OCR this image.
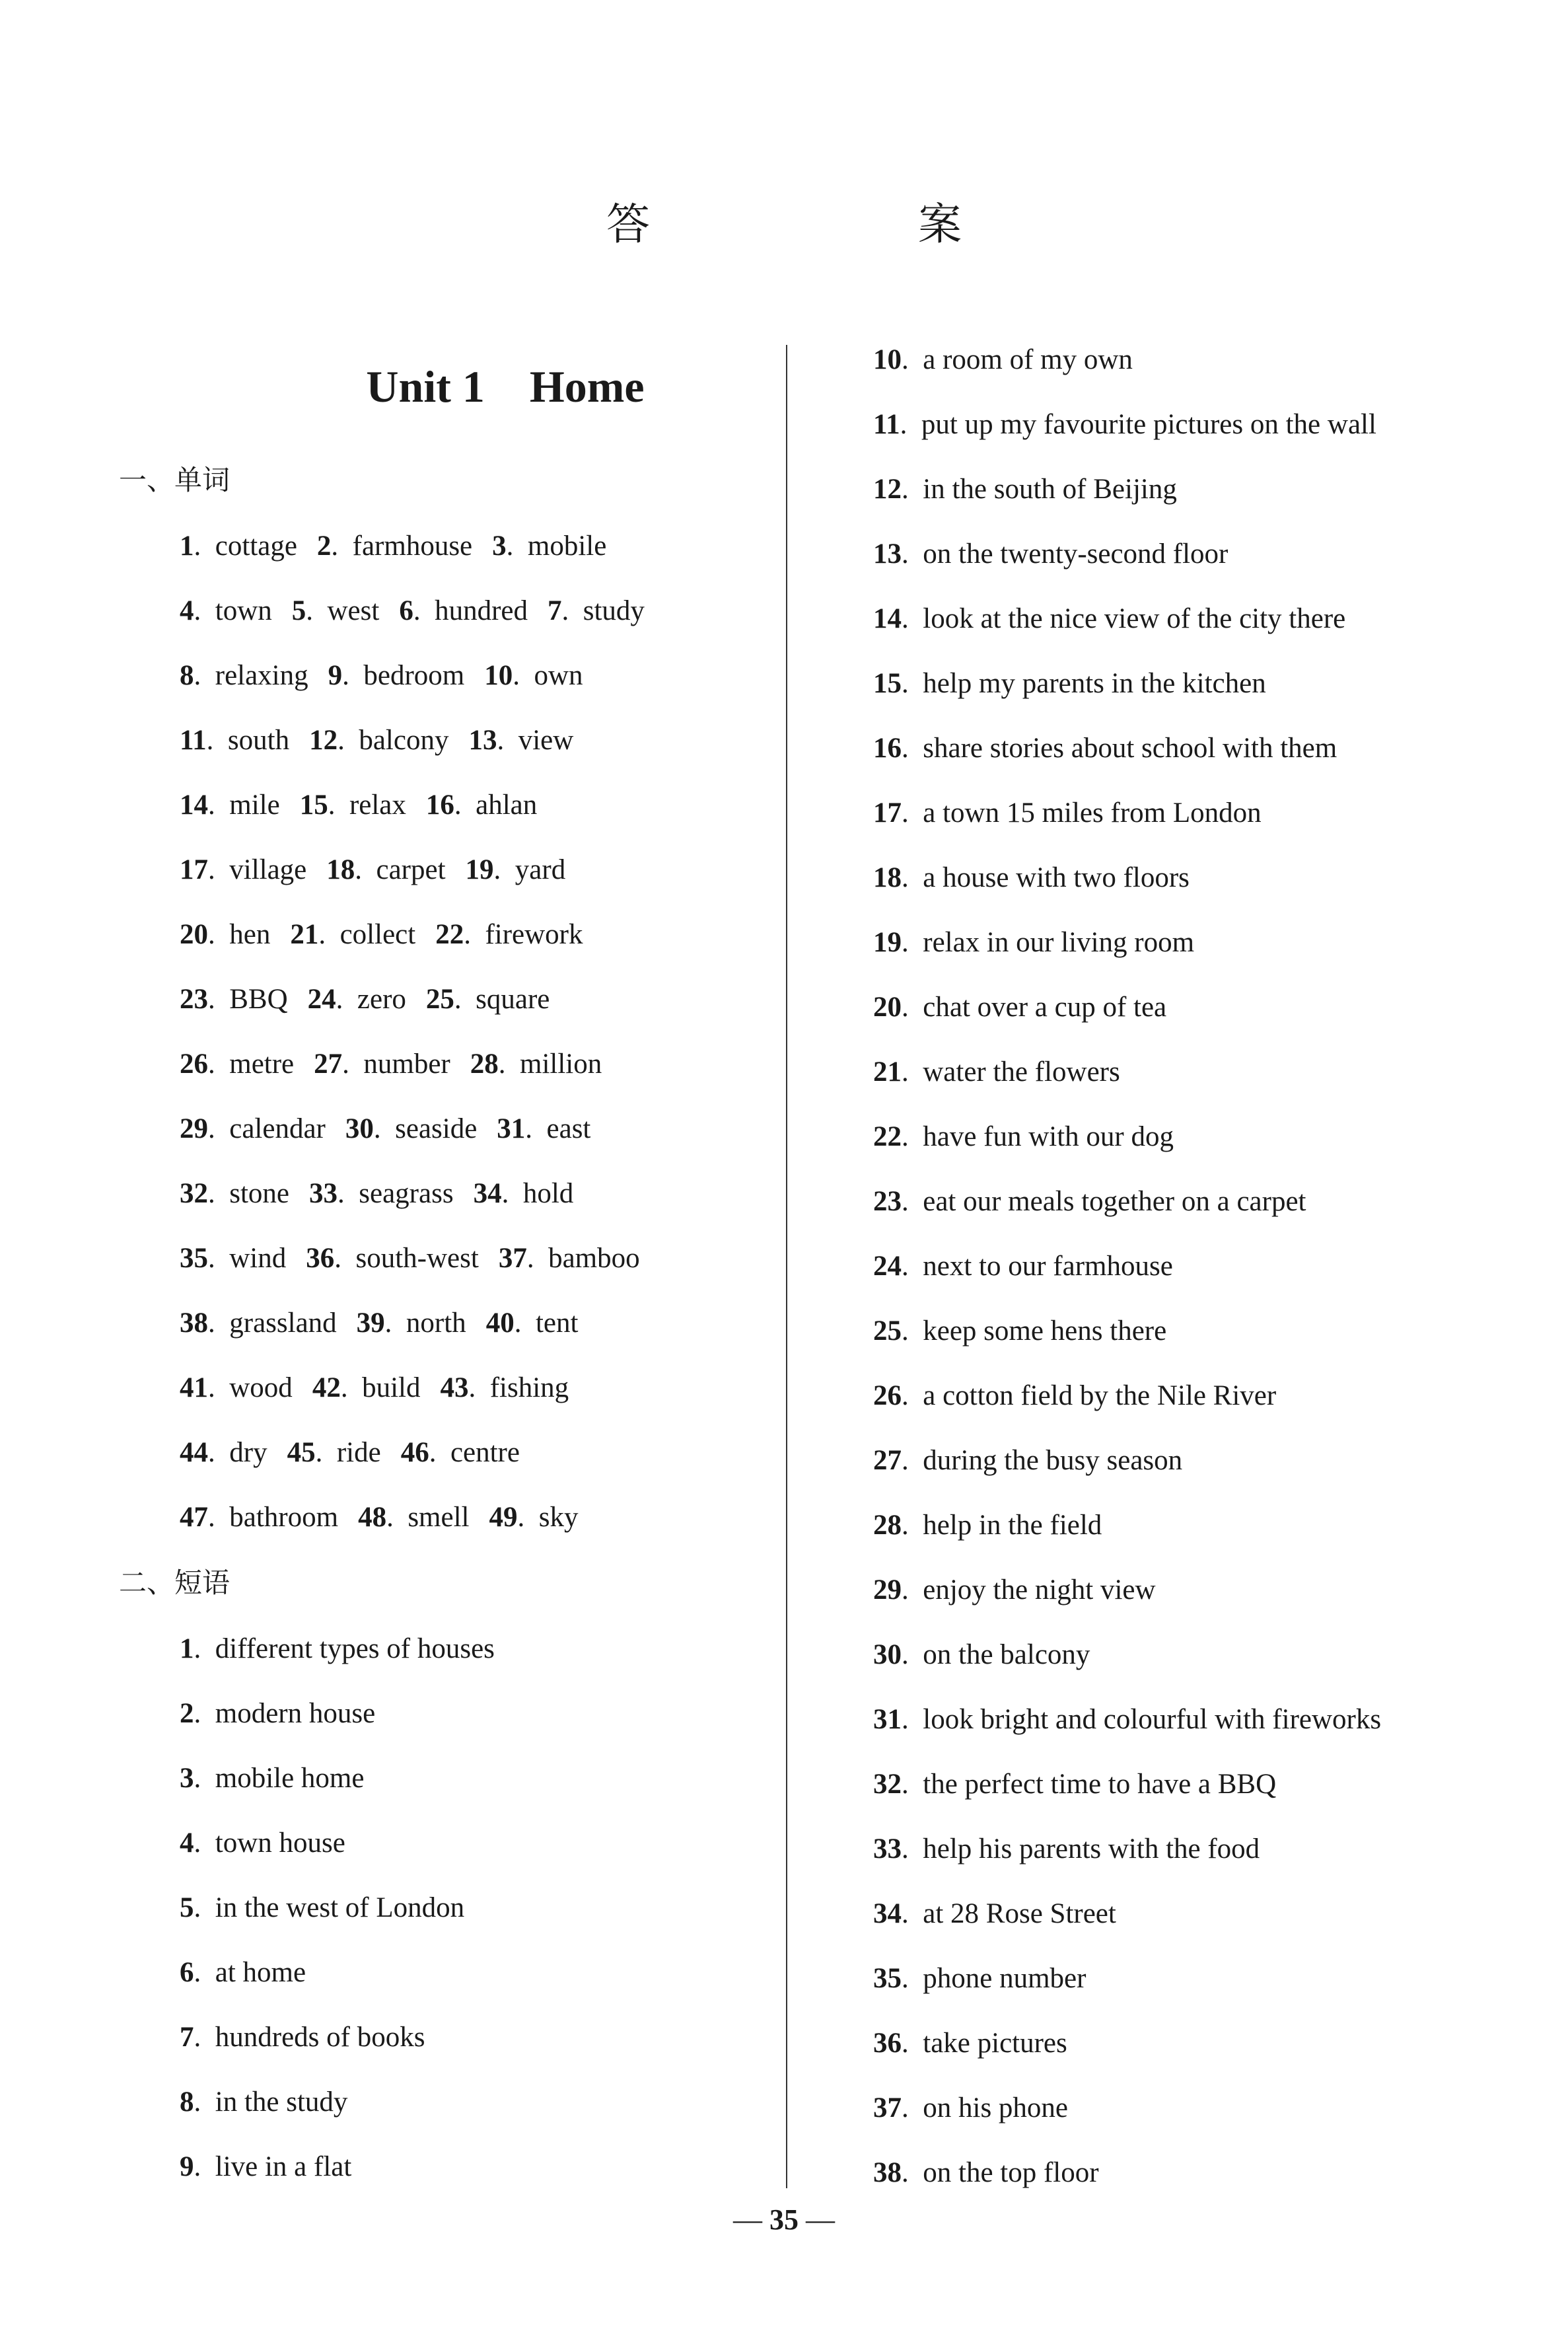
答　案
Unit 1    Home
一、单词
二、短语
1. cottage 2. farmhouse 3. mobile
4. town 5. west 6. hundred 7. study
8. relaxing 9. bedroom 10. own
11. south 12. balcony 13. view
14. mile 15. relax 16. ahlan
17. village 18. carpet 19. yard
20. hen 21. collect 22. firework
23. BBQ 24. zero 25. square
26. metre 27. number 28. million
29. calendar 30. seaside 31. east
32. stone 33. seagrass 34. hold
35. wind 36. south-west 37. bamboo
38. grassland 39. north 40. tent
41. wood 42. build 43. fishing
44. dry 45. ride 46. centre
47. bathroom 48. smell 49. sky
1. different types of houses
2. modern house
3. mobile home
4. town house
5. in the west of London
6. at home
7. hundreds of books
8. in the study
9. live in a flat
10. a room of my own
11. put up my favourite pictures on the wall
12. in the south of Beijing
13. on the twenty-second floor
14. look at the nice view of the city there
15. help my parents in the kitchen
16. share stories about school with them
17. a town 15 miles from London
18. a house with two floors
19. relax in our living room
20. chat over a cup of tea
21. water the flowers
22. have fun with our dog
23. eat our meals together on a carpet
24. next to our farmhouse
25. keep some hens there
26. a cotton field by the Nile River
27. during the busy season
28. help in the field
29. enjoy the night view
30. on the balcony
31. look bright and colourful with fireworks
32. the perfect time to have a BBQ
33. help his parents with the food
34. at 28 Rose Street
35. phone number
36. take pictures
37. on his phone
38. on the top floor
— 35 —
